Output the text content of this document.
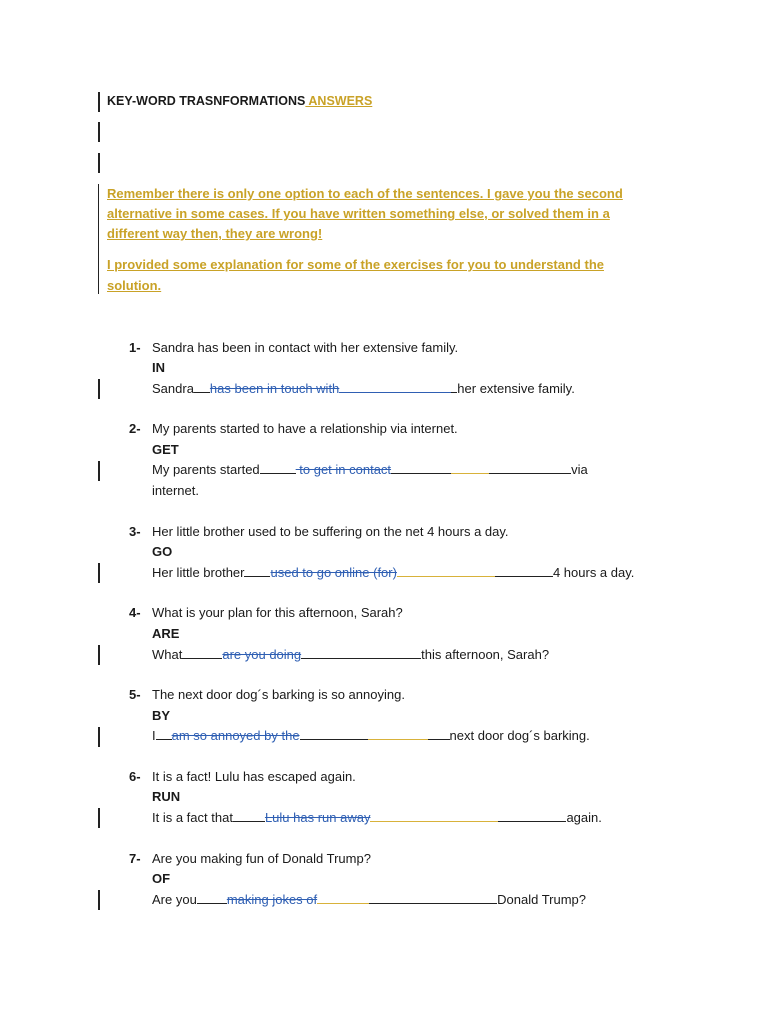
KEY-WORD TRASNFORMATIONS ANSWERS
Remember there is only one option to each of the sentences. I gave you the second
alternative in some cases. If you have written something else, or solved them in a
different way then, they are wrong!
I provided some explanation for some of the exercises for you to understand the
solution.
1- Sandra has been in contact with her extensive family.
IN
Sandra has been in touch with	her extensive family.
2- My parents started to have a relationship via internet.
GET
My parents started	to get in contact	via
internet.
3- Her little brother used to be suffering on the net 4 hours a day.
GO
Her little brother used to go online (for)	4 hours a day.
4- What is your plan for this afternoon, Sarah?
ARE
What	are you doing	this afternoon, Sarah?
5- The next door dog´s barking is so annoying.
BY
I am so annoyed by the	next door dog´s barking.
6- It is a fact! Lulu has escaped again.
RUN
It is a fact that Lulu has run away	again.
7- Are you making fun of Donald Trump?
OF
Are you making jokes of	Donald Trump?
